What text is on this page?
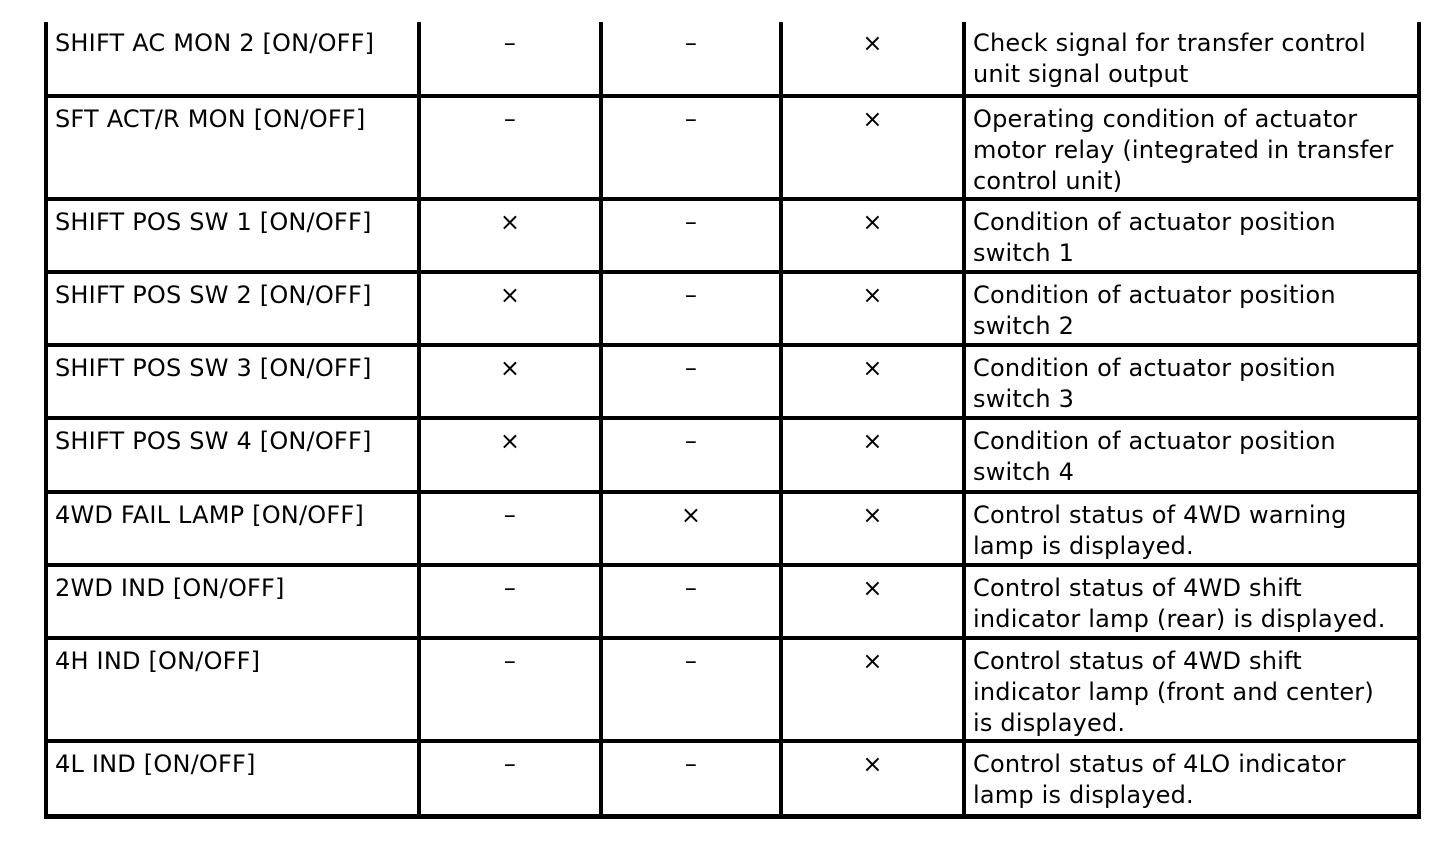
SHIFT AC MON 2 [ON/OFF]	–	–	×	Check signal for transfer control
unit signal output

SFT ACT/R MON [ON/OFF]	–	–	×	Operating condition of actuator
motor relay (integrated in transfer
control unit)

SHIFT POS SW 1 [ON/OFF]	×	–	×	Condition of actuator position
switch 1

SHIFT POS SW 2 [ON/OFF]	×	–	×	Condition of actuator position
switch 2

SHIFT POS SW 3 [ON/OFF]	×	–	×	Condition of actuator position
switch 3

SHIFT POS SW 4 [ON/OFF]	×	–	×	Condition of actuator position
switch 4

4WD FAIL LAMP [ON/OFF]	–	×	×	Control status of 4WD warning
lamp is displayed.

2WD IND [ON/OFF]	–	–	×	Control status of 4WD shift
indicator lamp (rear) is displayed.

4H IND [ON/OFF]	–	–	×	Control status of 4WD shift
indicator lamp (front and center)
is displayed.

4L IND [ON/OFF]	–	–	×	Control status of 4LO indicator
lamp is displayed.
